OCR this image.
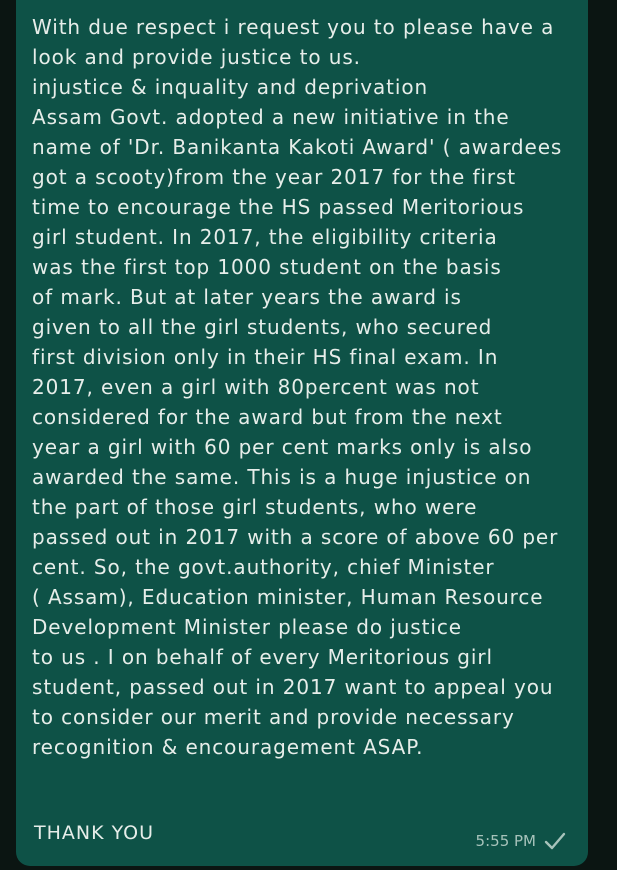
With due respect i request you to please have a
look and provide justice to us.
injustice & inquality and deprivation
Assam Govt. adopted a new initiative in the
name of 'Dr. Banikanta Kakoti Award' ( awardees
got a scooty)from the year 2017 for the first
time to encourage the HS passed Meritorious
girl student. In 2017, the eligibility criteria
was the first top 1000 student on the basis
of mark. But at later years the award is
given to all the girl students, who secured
first division only in their HS final exam. In
2017, even a girl with 80percent was not
considered for the award but from the next
year a girl with 60 per cent marks only is also
awarded the same. This is a huge injustice on
the part of those girl students, who were
passed out in 2017 with a score of above 60 per
cent. So, the govt.authority, chief Minister
( Assam), Education minister, Human Resource
Development Minister please do justice
to us . I on behalf of every Meritorious girl
student, passed out in 2017 want to appeal you
to consider our merit and provide necessary
recognition & encouragement ASAP.

THANK YOU	5:55 PM
